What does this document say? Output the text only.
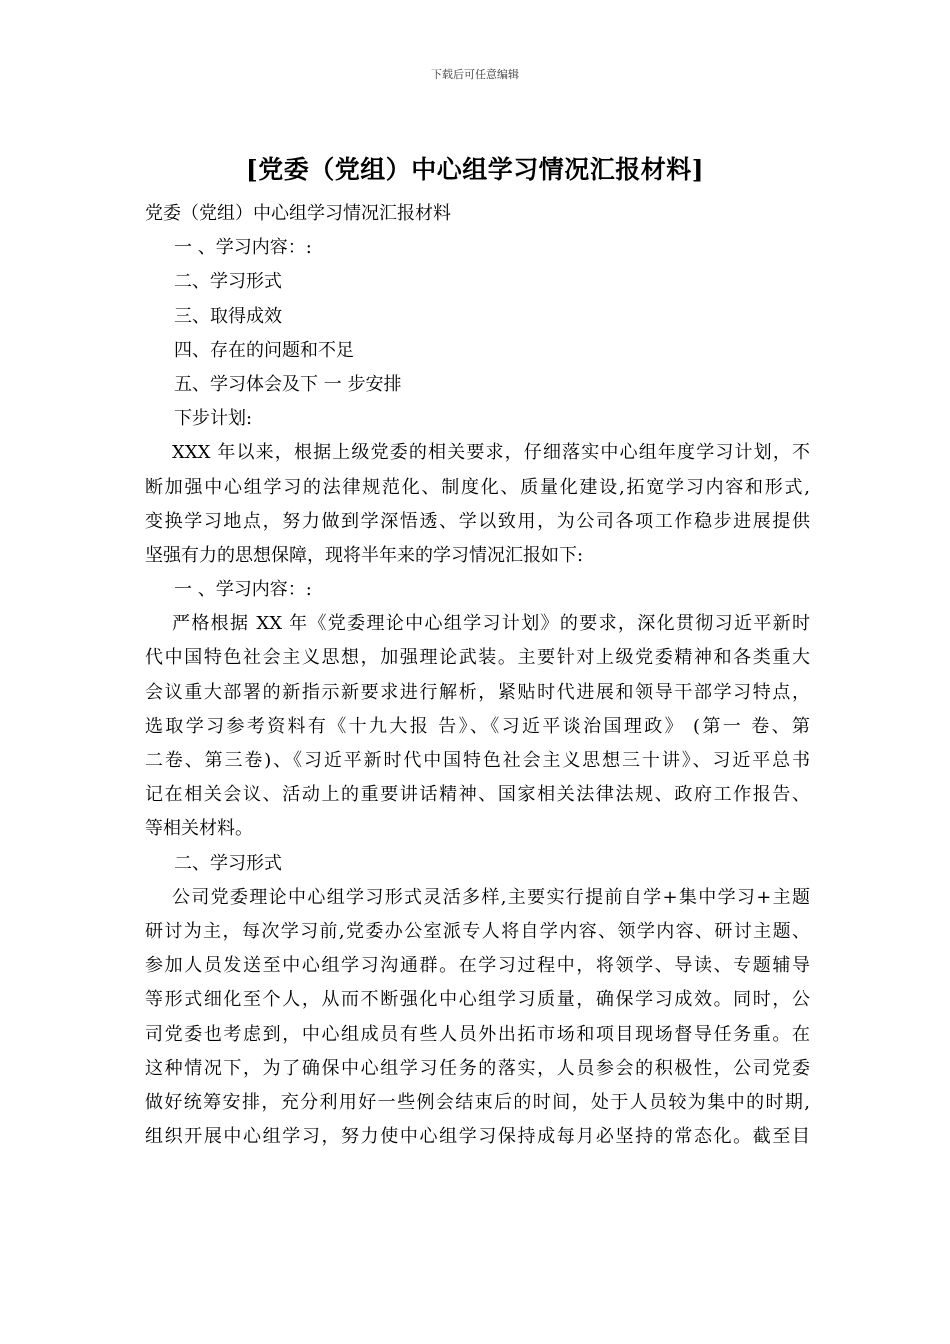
下载后可任意编辑
[党委（党组）中心组学习情况汇报材料]
党委（党组）中心组学习情况汇报材料
一 、学习内容：:
二、学习形式
三、取得成效
四、存在的问题和不足
五、学习体会及下 一 步安排
下步计划:
XXX 年以来，根据上级党委的相关要求，仔细落实中心组年度学习计划，不
断加强中心组学习的法律规范化、制度化、质量化建设,拓宽学习内容和形式,
变换学习地点，努力做到学深悟透、学以致用，为公司各项工作稳步进展提供
坚强有力的思想保障，现将半年来的学习情况汇报如下:
一 、学习内容：:
严格根据 XX 年《党委理论中心组学习计划》的要求，深化贯彻习近平新时
代中国特色社会主义思想，加强理论武装。主要针对上级党委精神和各类重大
会议重大部署的新指示新要求进行解析，紧贴时代进展和领导干部学习特点，
选取学习参考资料有《十九大报 告》、《习近平谈治国理政》 (第一 卷、第
二卷、第三卷)、《习近平新时代中国特色社会主义思想三十讲》、习近平总书
记在相关会议、活动上的重要讲话精神、国家相关法律法规、政府工作报告、
等相关材料。
二、学习形式
公司党委理论中心组学习形式灵活多样,主要实行提前自学+集中学习+主题
研讨为主，每次学习前,党委办公室派专人将自学内容、领学内容、研讨主题、
参加人员发送至中心组学习沟通群。在学习过程中，将领学、导读、专题辅导
等形式细化至个人，从而不断强化中心组学习质量，确保学习成效。同时，公
司党委也考虑到，中心组成员有些人员外出拓市场和项目现场督导任务重。在
这种情况下，为了确保中心组学习任务的落实，人员参会的积极性，公司党委
做好统筹安排，充分利用好一些例会结束后的时间，处于人员较为集中的时期,
组织开展中心组学习，努力使中心组学习保持成每月必坚持的常态化。截至目
